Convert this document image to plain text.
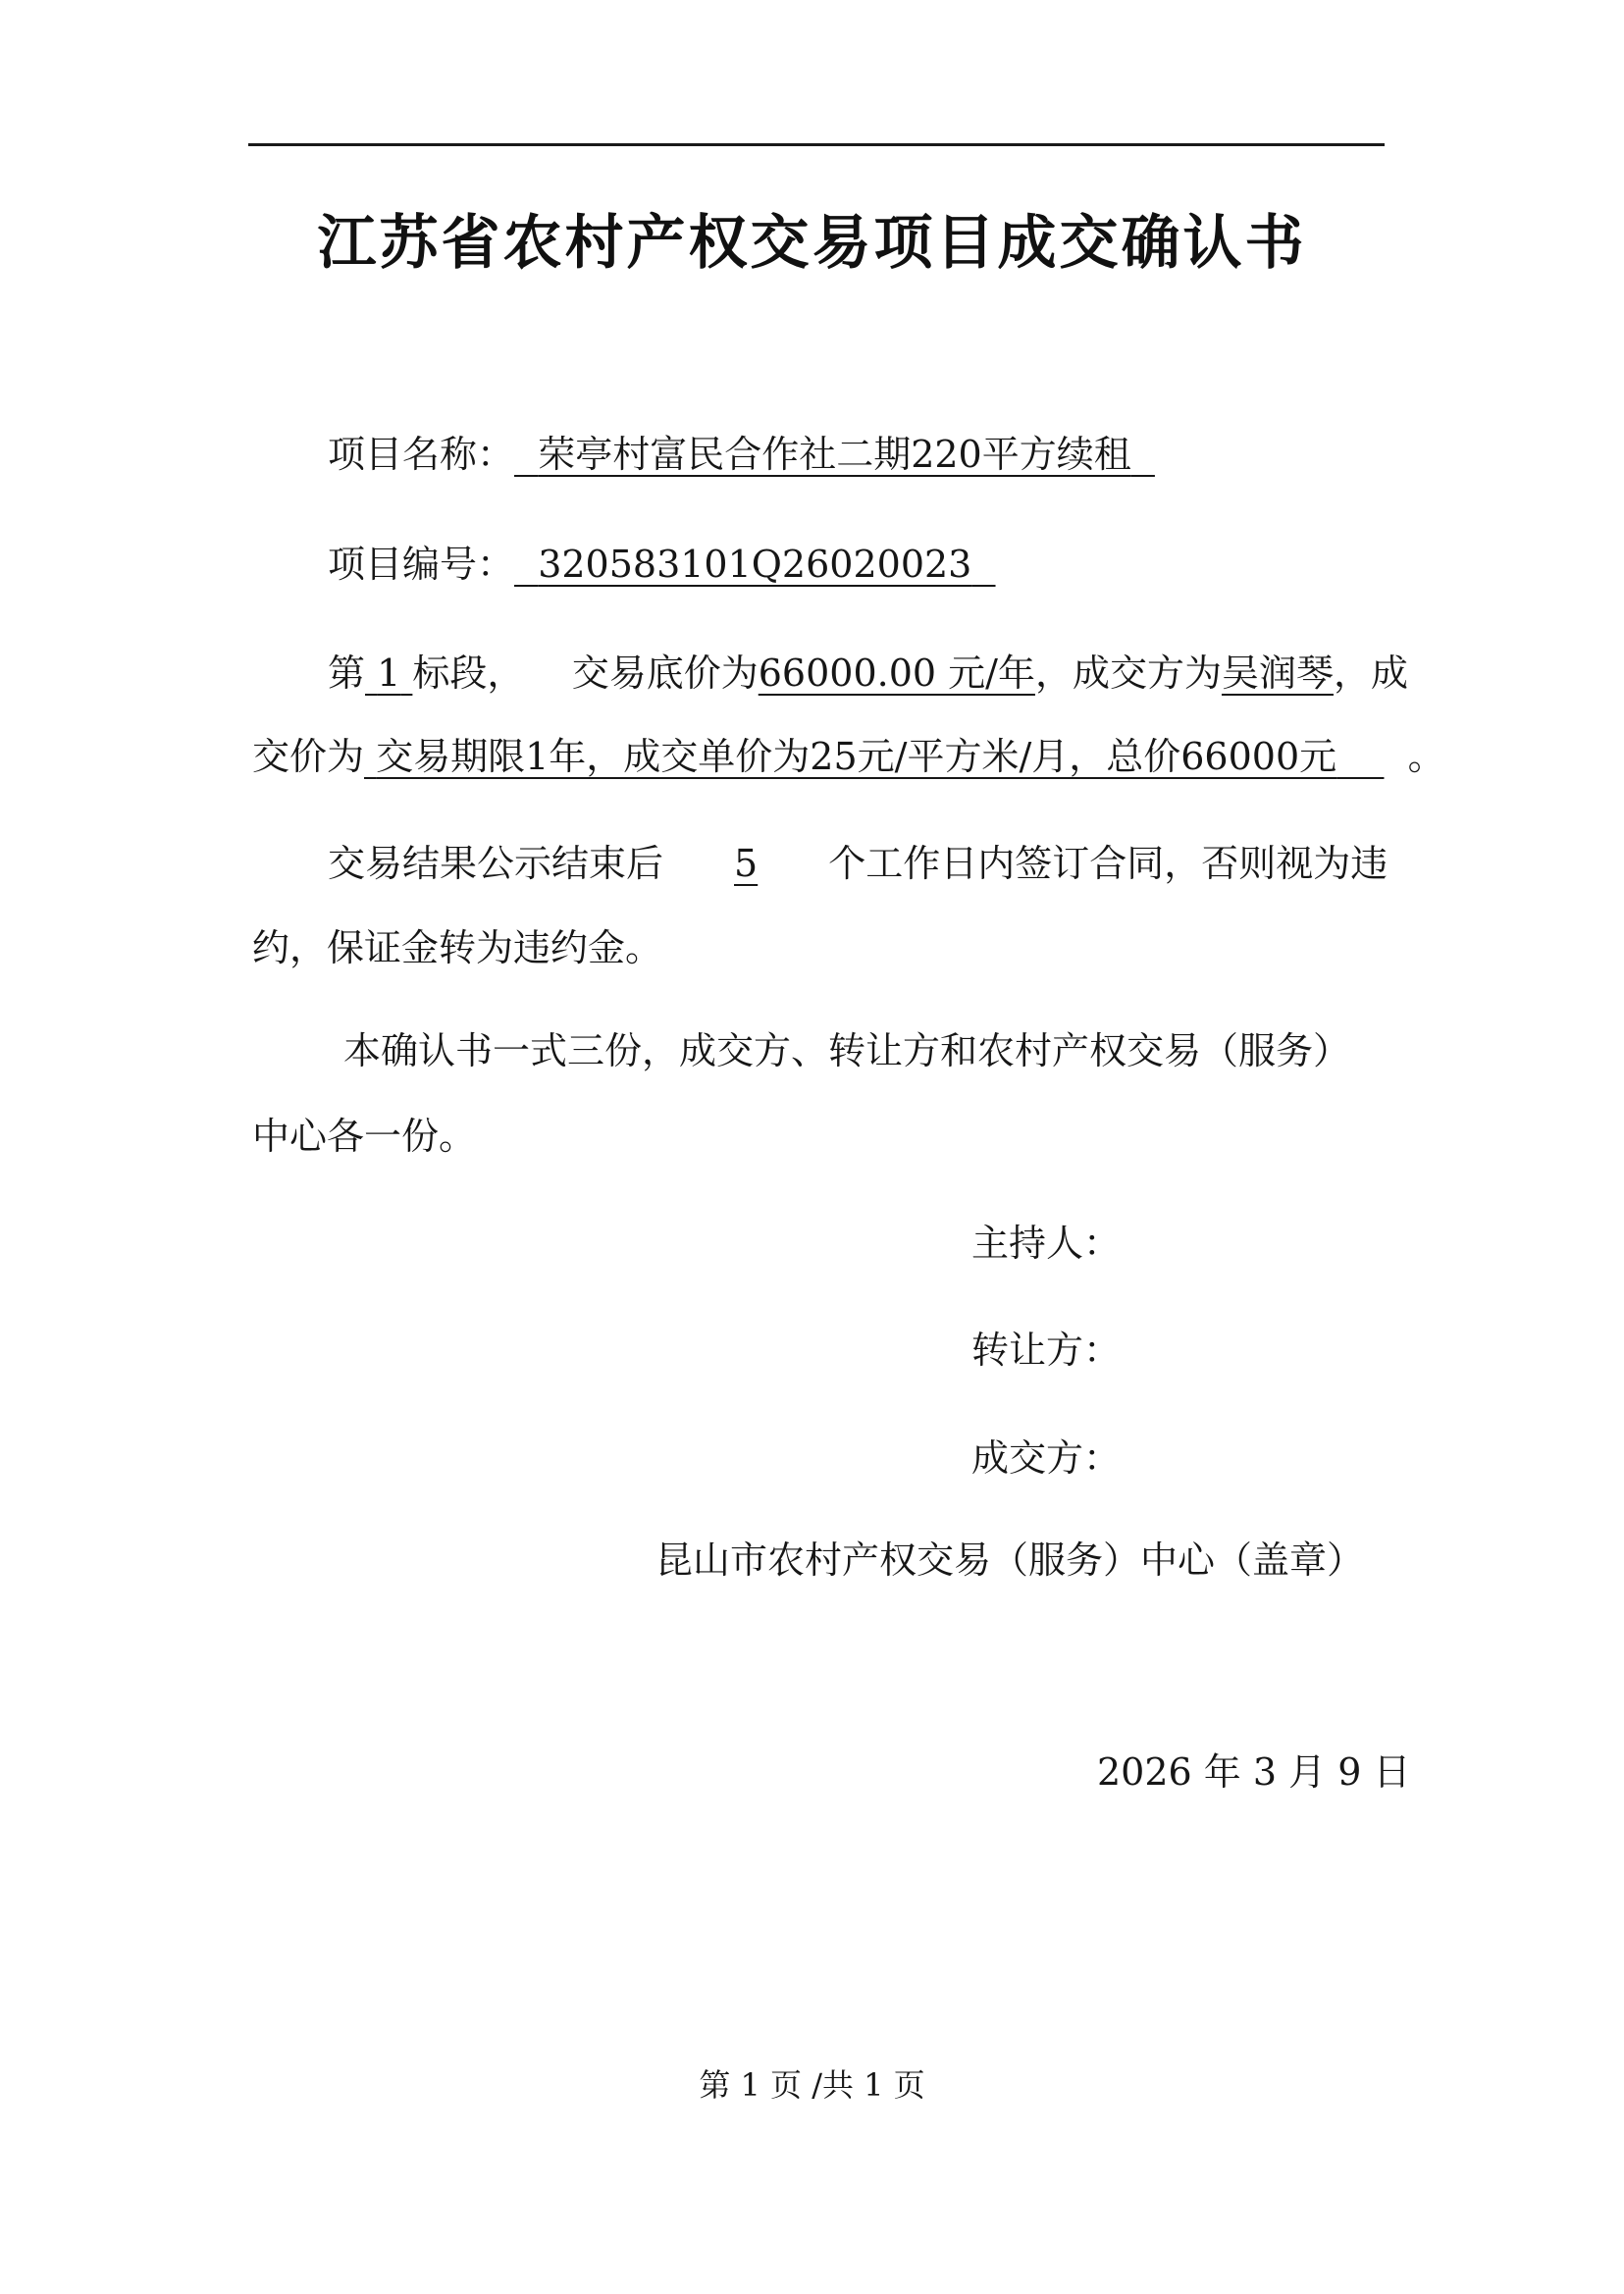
江苏省农村产权交易项目成交确认书
项目名称： 荣亭村富民合作社二期220平方续租
项目编号： 320583101Q26020023
第 1 标段， 交易底价为66000.00 元/年，成交方为吴润琴，成
交价为 交易期限1年，成交单价为25元/平方米/月，总价66000元 。
交易结果公示结束后 5 个工作日内签订合同，否则视为违
约，保证金转为违约金。
本确认书一式三份，成交方、转让方和农村产权交易（服务）
中心各一份。
主持人：
转让方：
成交方：
昆山市农村产权交易（服务）中心（盖章）
2026 年 3 月 9 日
第 1 页 /共 1 页
